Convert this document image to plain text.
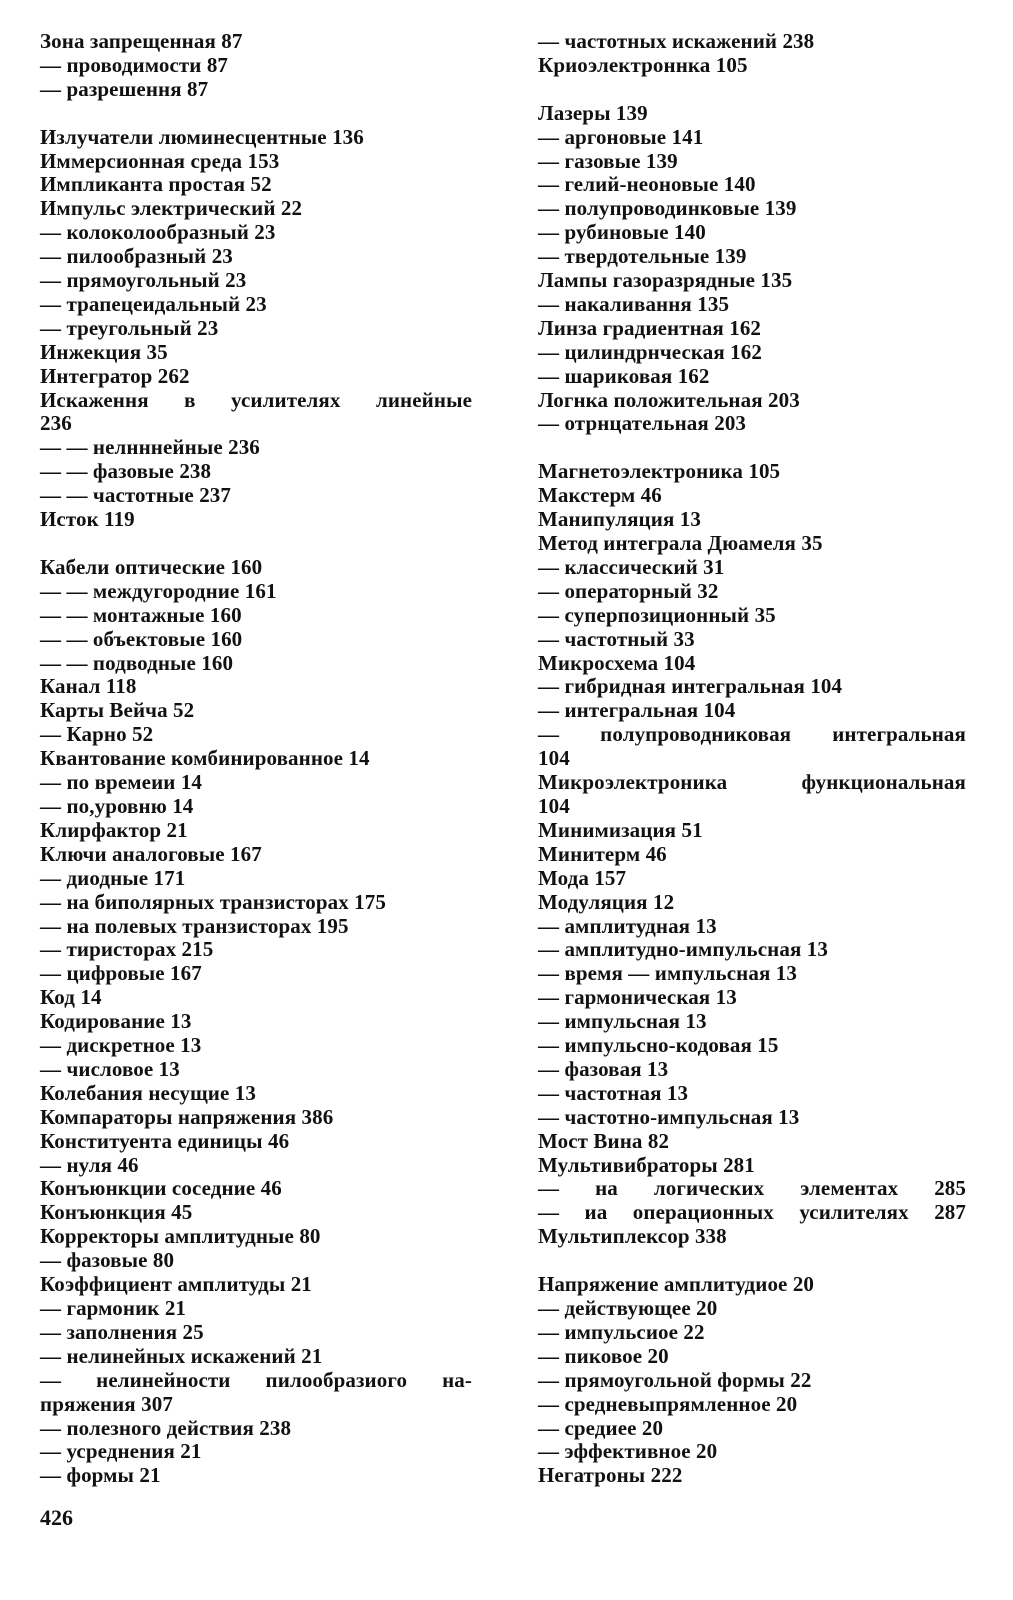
Зона запрещенная 87
— проводимости 87
— разрешення 87
Излучатели люминесцентные 136
Иммерсионная среда 153
Импликанта простая 52
Импульс электрический 22
— колоколообразный 23
— пилообразный 23
— прямоугольный 23
— трапецеидальный 23
— треугольный 23
Инжекция 35
Интегратор 262
Искаження в усилителях линейные
236
— — нелнннейные 236
— — фазовые 238
— — частотные 237
Исток 119
Кабели оптические 160
— — междугородние 161
— — монтажные 160
— — объектовые 160
— — подводные 160
Канал 118
Карты Вейча 52
— Карно 52
Квантование комбинированное 14
— по времеии 14
— по,уровню 14
Клирфактор 21
Ключи аналоговые 167
— диодные 171
— на биполярных транзисторах 175
— на полевых транзисторах 195
— тиристорах 215
— цифровые 167
Код 14
Кодирование 13
— дискретное 13
— числовое 13
Колебания несущие 13
Компараторы напряжения 386
Конституента единицы 46
— нуля 46
Конъюнкции соседние 46
Конъюнкция 45
Корректоры амплитудные 80
— фазовые 80
Коэффициент амплитуды 21
— гармоник 21
— заполнения 25
— нелинейных искажений 21
— нелинейности пилообразиого на-
пряжения 307
— полезного действия 238
— усреднения 21
— формы 21
— частотных искажений 238
Криоэлектроннка 105
Лазеры 139
— аргоновые 141
— газовые 139
— гелий-неоновые 140
— полупроводинковые 139
— рубиновые 140
— твердотельные 139
Лампы газоразрядные 135
— накаливання 135
Линза градиентная 162
— цилиндрнческая 162
— шариковая 162
Логнка положительная 203
— отрнцательная 203
Магнетоэлектроника 105
Макстерм 46
Манипуляция 13
Метод интеграла Дюамеля 35
— классический 31
— операторный 32
— суперпозиционный 35
— частотный 33
Микросхема 104
— гибридная интегральная 104
— интегральная 104
— полупроводниковая интегральная
104
Микроэлектроника функциональная
104
Минимизация 51
Минитерм 46
Мода 157
Модуляция 12
— амплитудная 13
— амплитудно-импульсная 13
— время — импульсная 13
— гармоническая 13
— импульсная 13
— импульсно-кодовая 15
— фазовая 13
— частотная 13
— частотно-импульсная 13
Мост Вина 82
Мультивибраторы 281
— на логических элементах 285
— иа операционных усилителях 287
Мультиплексор 338
Напряжение амплитудиое 20
— действующее 20
— импульсиое 22
— пиковое 20
— прямоугольной формы 22
— средневыпрямленное 20
— средиее 20
— эффективное 20
Негатроны 222
426
